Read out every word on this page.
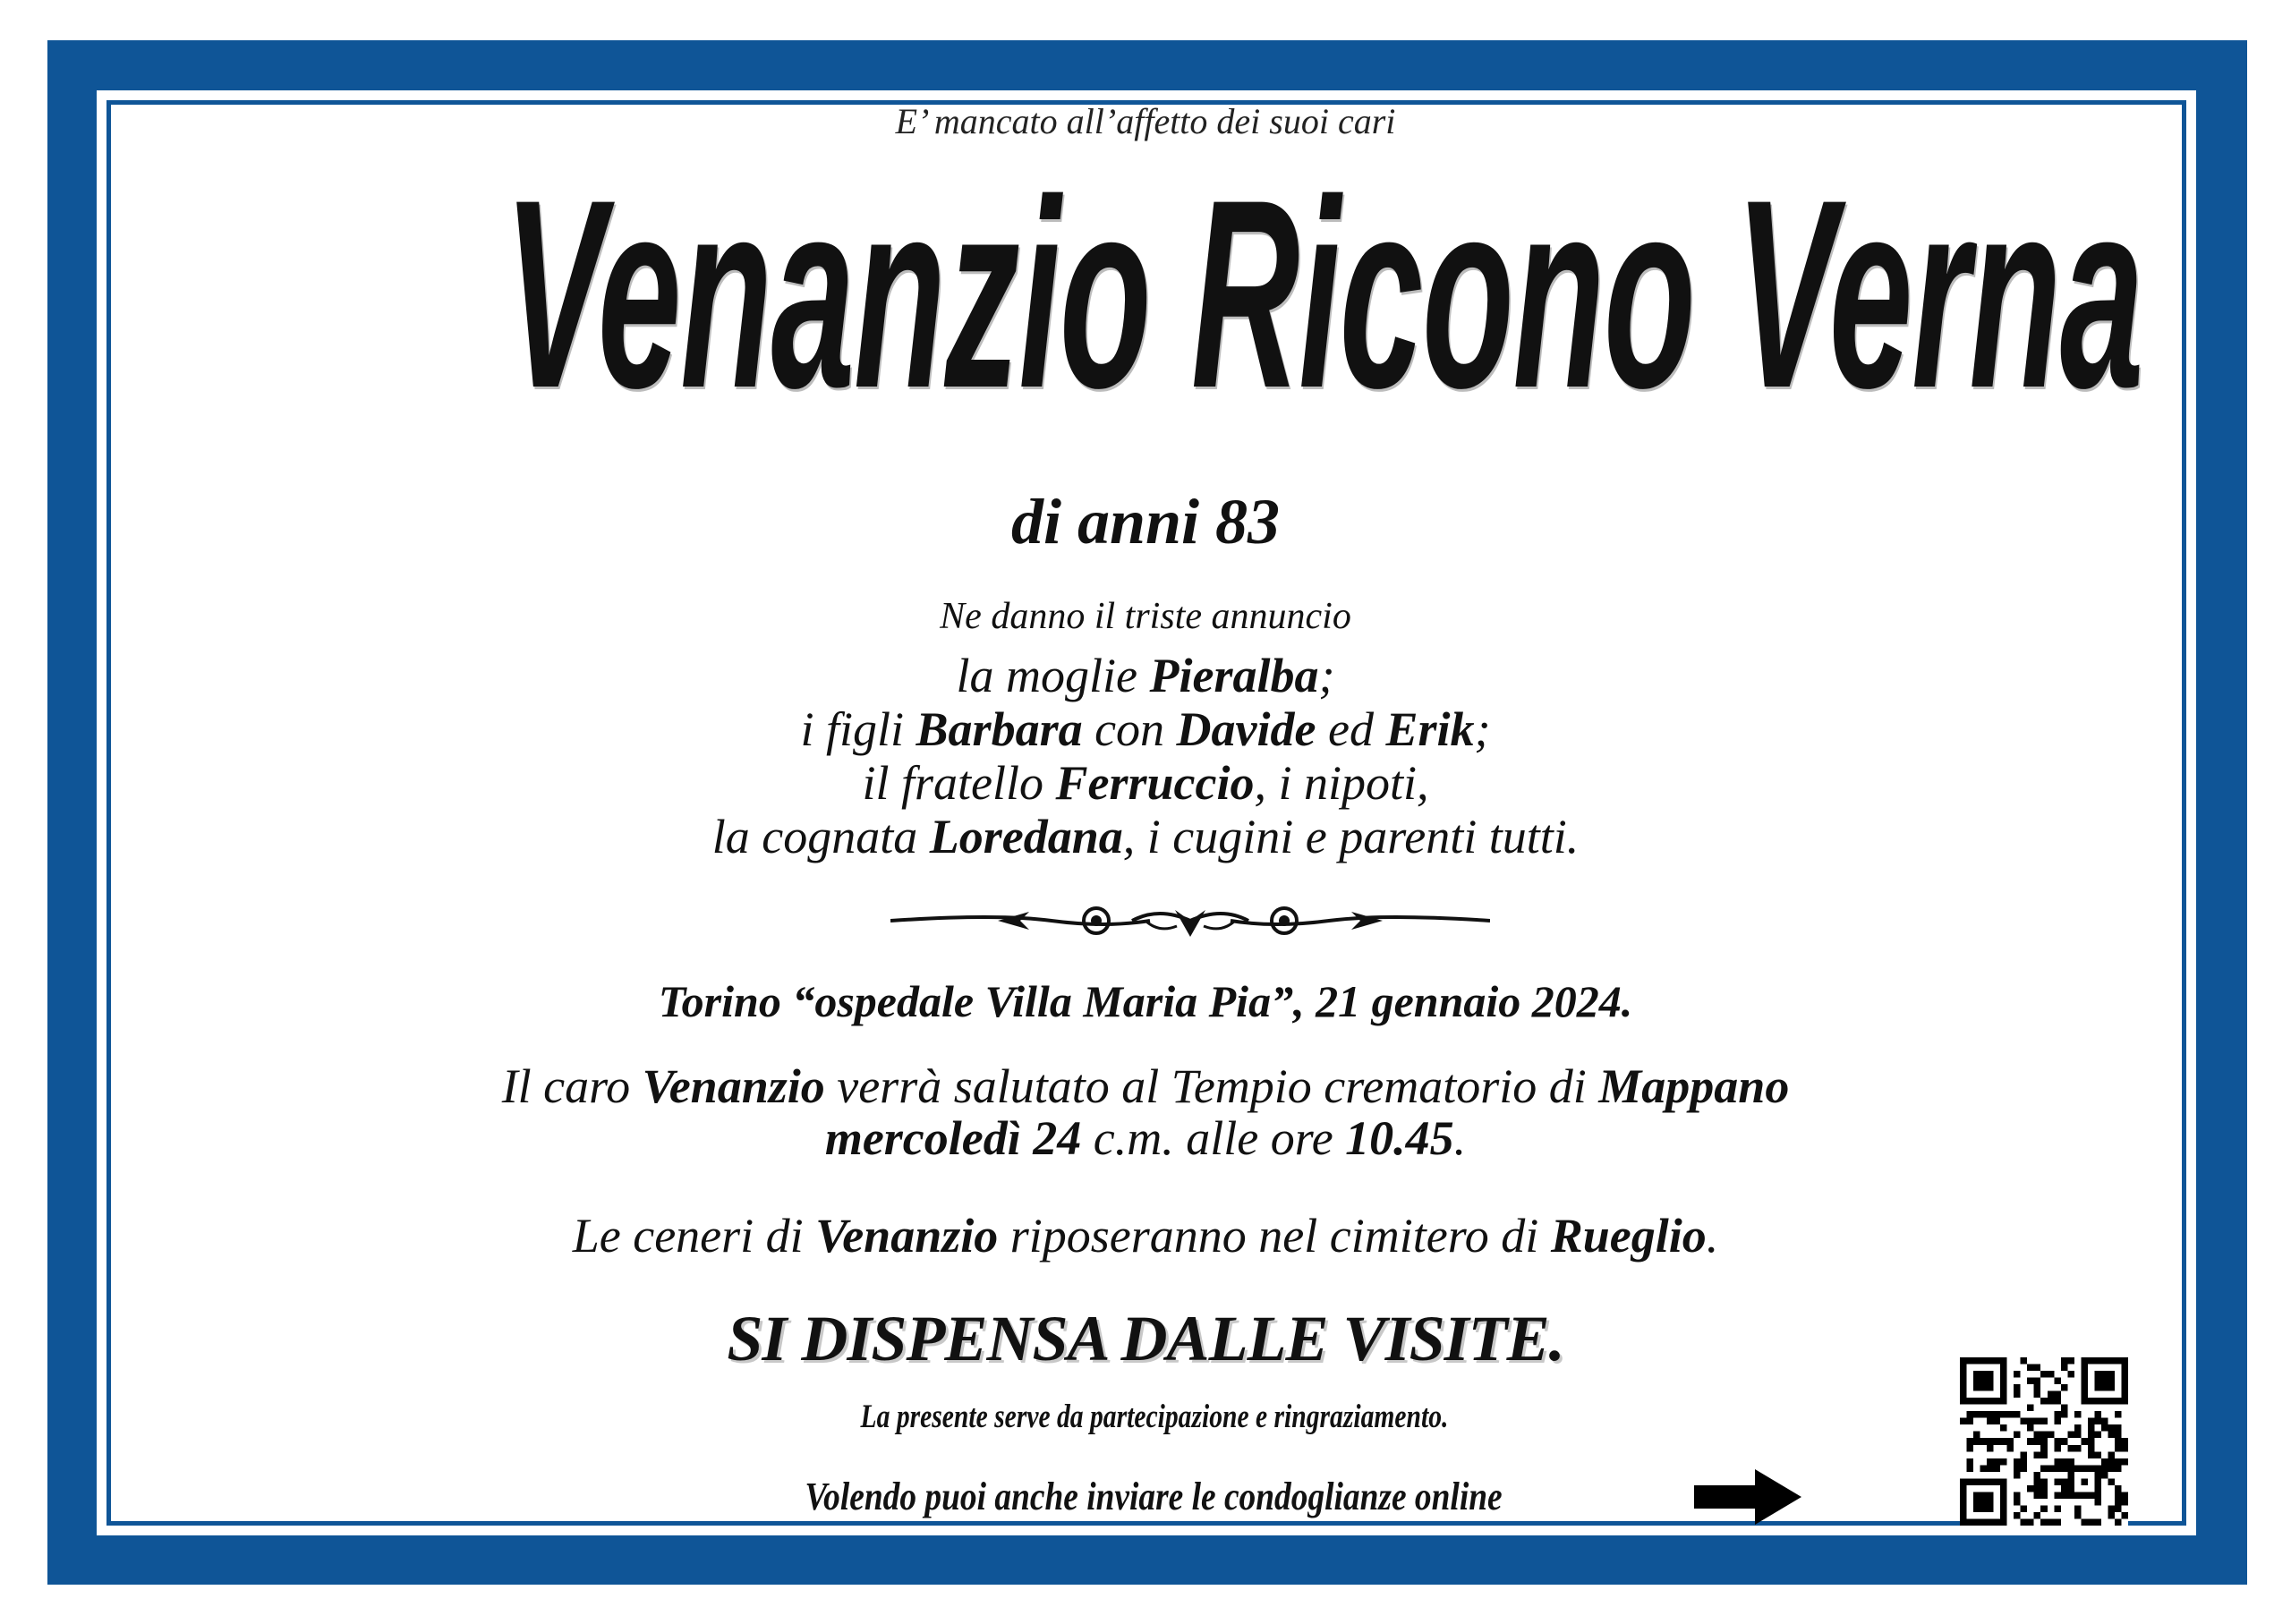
E’ mancato all’affetto dei suoi cari
Venanzio Ricono Verna
di anni 83
Ne danno il triste annuncio
la moglie Pieralba;
i figli Barbara con Davide ed Erik;
il fratello Ferruccio, i nipoti,
la cognata Loredana, i cugini e parenti tutti.
Torino “ospedale Villa Maria Pia”, 21 gennaio 2024.
Il caro Venanzio verrà salutato al Tempio crematorio di Mappano
mercoledì 24 c.m. alle ore 10.45.
Le ceneri di Venanzio riposeranno nel cimitero di Rueglio.
SI DISPENSA DALLE VISITE.
La presente serve da partecipazione e ringraziamento.
Volendo puoi anche inviare le condoglianze online
